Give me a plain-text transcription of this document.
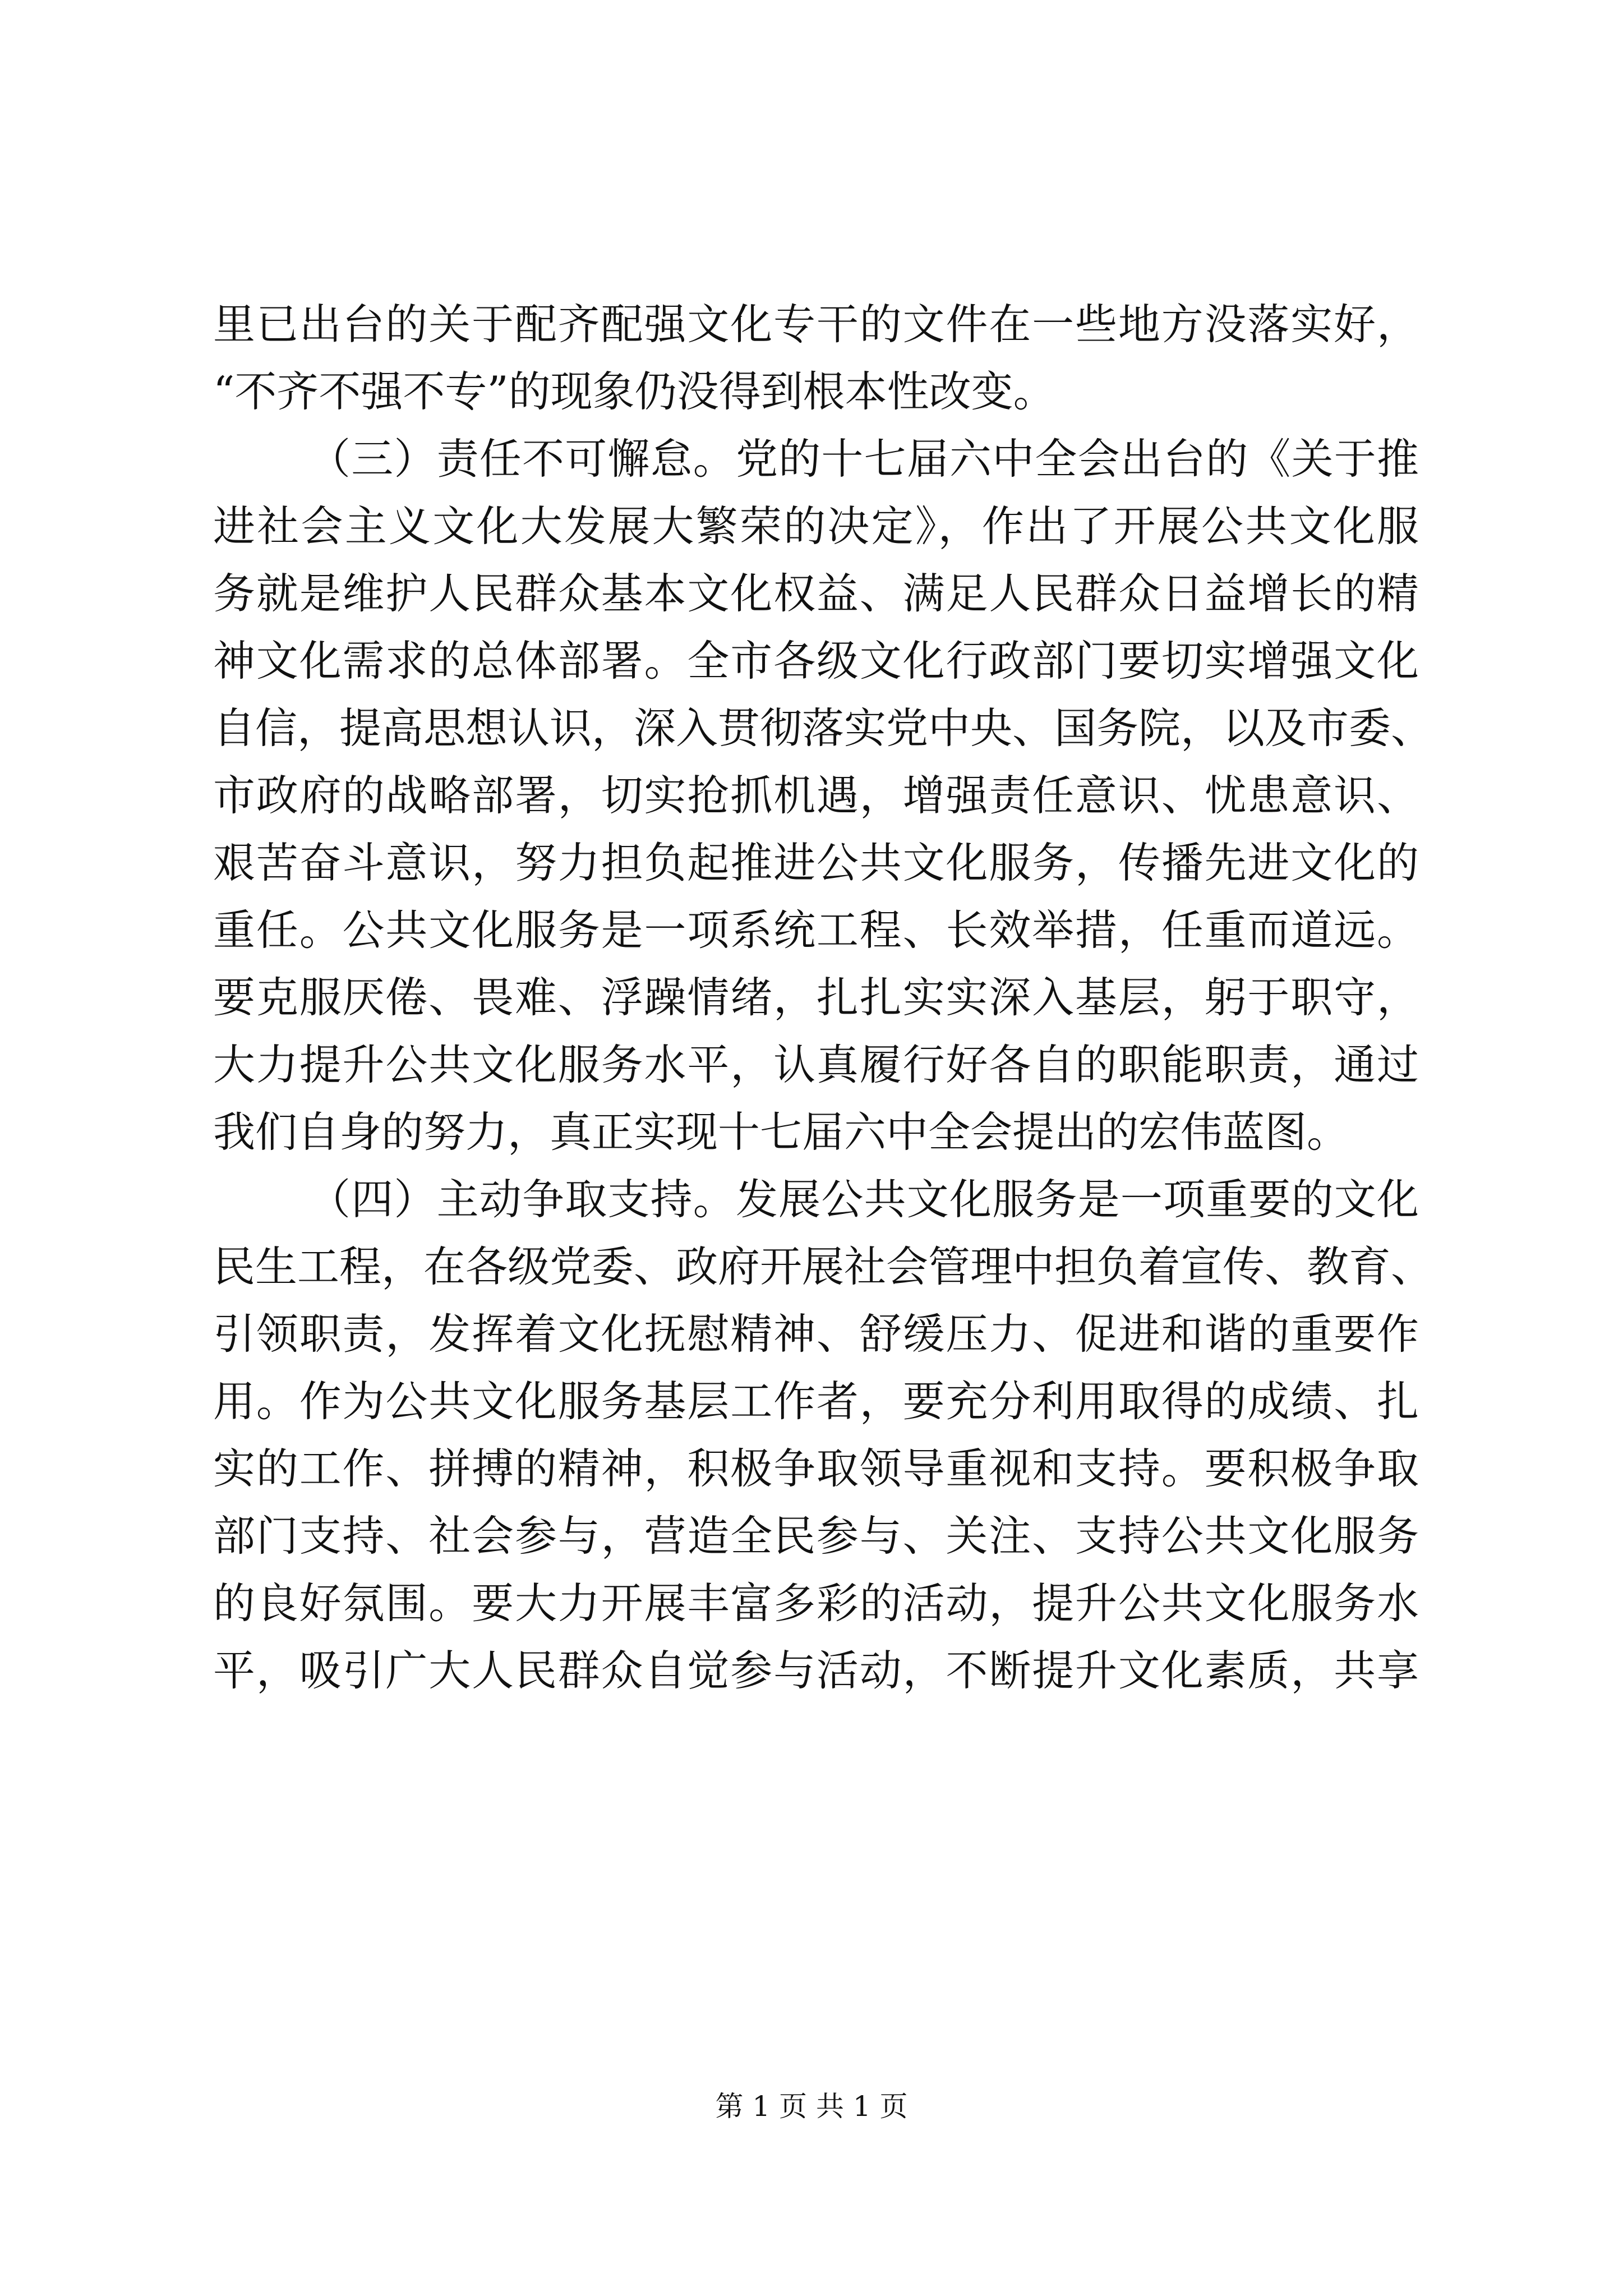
里已出台的关于配齐配强文化专干的文件在一些地方没落实好，
“不齐不强不专”的现象仍没得到根本性改变。
（三）责任不可懈怠。党的十七届六中全会出台的《关于推
进社会主义文化大发展大繁荣的决定》，作出了开展公共文化服
务就是维护人民群众基本文化权益、满足人民群众日益增长的精
神文化需求的总体部署。全市各级文化行政部门要切实增强文化
自信，提高思想认识，深入贯彻落实党中央、国务院，以及市委、
市政府的战略部署，切实抢抓机遇，增强责任意识、忧患意识、
艰苦奋斗意识，努力担负起推进公共文化服务，传播先进文化的
重任。公共文化服务是一项系统工程、长效举措，任重而道远。
要克服厌倦、畏难、浮躁情绪，扎扎实实深入基层，躬于职守，
大力提升公共文化服务水平，认真履行好各自的职能职责，通过
我们自身的努力，真正实现十七届六中全会提出的宏伟蓝图。
（四）主动争取支持。发展公共文化服务是一项重要的文化
民生工程，在各级党委、政府开展社会管理中担负着宣传、教育、
引领职责，发挥着文化抚慰精神、舒缓压力、促进和谐的重要作
用。作为公共文化服务基层工作者，要充分利用取得的成绩、扎
实的工作、拼搏的精神，积极争取领导重视和支持。要积极争取
部门支持、社会参与，营造全民参与、关注、支持公共文化服务
的良好氛围。要大力开展丰富多彩的活动，提升公共文化服务水
平，吸引广大人民群众自觉参与活动，不断提升文化素质，共享
第 1 页 共 1 页
